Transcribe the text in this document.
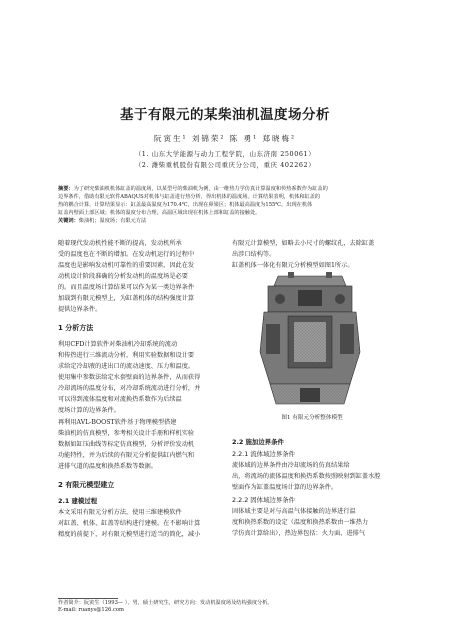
基于有限元的某柴油机温度场分析
阮寅生¹ 刘锦荣² 陈 勇¹ 郑晓梅²
（1. 山东大学能源与动力工程学院，山东济南 250061）
（2. 潍柴重机股份有限公司重庆分公司，重庆 402262）

摘要：为了研究柴油机机体缸盖的温度场，以某型号的柴油机为例，由一维热力学仿真计算温度和传热系数作为缸盖的

边界条件，借助有限元软件ABAQUS对机体与缸盖进行热分析，得出机体的温度场。计算结果表明，机体和缸盖的

热的耦合计算，计算结果显示：缸盖最高温度为170.4℃，出现在鼻梁区；机体最高温度为155℃，出现在机体

缸盖内壁面上部区域；机体的温度分布合理，高温区域出现在机体上部和缸盖的接触处。

关键词：柴油机；温度场；有限元方法

随着现代发动机性能不断的提高，发动机所承

受的温度也在不断的增加。在发动机运行的过程中

温度也是影响发动机可靠性的重要因素，因此在发

动机设计阶段准确的分析发动机的温度场是必要

的。而且温度场计算结果可以作为某一类边界条件

加载到有限元模型上，为缸盖机体的结构强度计算

提供边界条件。

1 分析方法

利用CFD计算软件对柴油机冷却系统的流动

和传热进行三维流动分析，利用实验数据和设计要

求给定冷却液的进出口的流动速度、压力和温度。

使用集中参数法给定水套壁面的边界条件，从而获得

冷却流场的温度分布，对冷却系统流动进行分析，并

可以得到流体温度和对流换热系数作为后续温

度场计算的边界条件。

再利用AVL-BOOST软件基于物理模型搭建

柴油机的仿真模型，参考相关设计手册和样机实验

数据如缸压曲线等标定仿真模型，分析评价发动机

功能特性，并为后续的有限元分析提供缸内燃气和

进排气道的温度和换热系数等数据。

2 有限元模型建立
2.1 建模过程

本文采用有限元分析方法，使用三维建模软件

对缸盖、机体、缸盖等结构进行建模，在不影响计算

精度的前提下，对有限元模型进行适当的简化，减小

有限元计算模型，如略去小尺寸的螺纹孔，去除缸盖

出涉口结构等。

缸盖机体一体化有限元分析模型如图1所示。

图1 有限元分析整体模型
2.2 施加边界条件
2.2.1 流体域边界条件

流体域的边界条件由冷却流场的仿真结果给

出，将流场的流体温度和换热系数按照映射到缸盖水腔

壁面作为缸盖温度场计算的边界条件。

2.2.2 固体域边界条件

固体域主要是对与高温气体接触的边界进行温

度和换热系数的设定（温度和换热系数由一维热力

学仿真计算给出），热边界包括：火力面、进排气

作者简介：阮寅生（1993— ），男，硕士研究生，研究方向：发动机温度场及结构强度分析。

E-mail: ruanys@126.com
